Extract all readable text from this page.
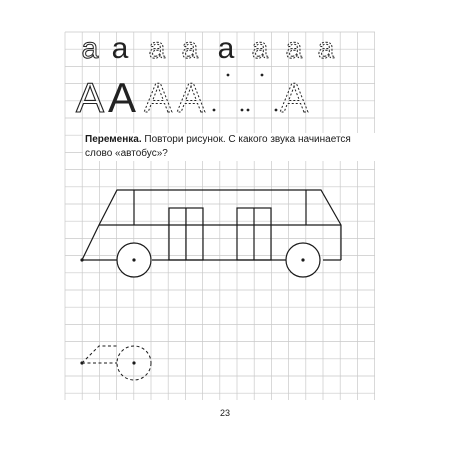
а а а а а а а а
А А А А А
Переменка. Повтори рисунок. С какого звука начинается
слово «автобус»?
23
